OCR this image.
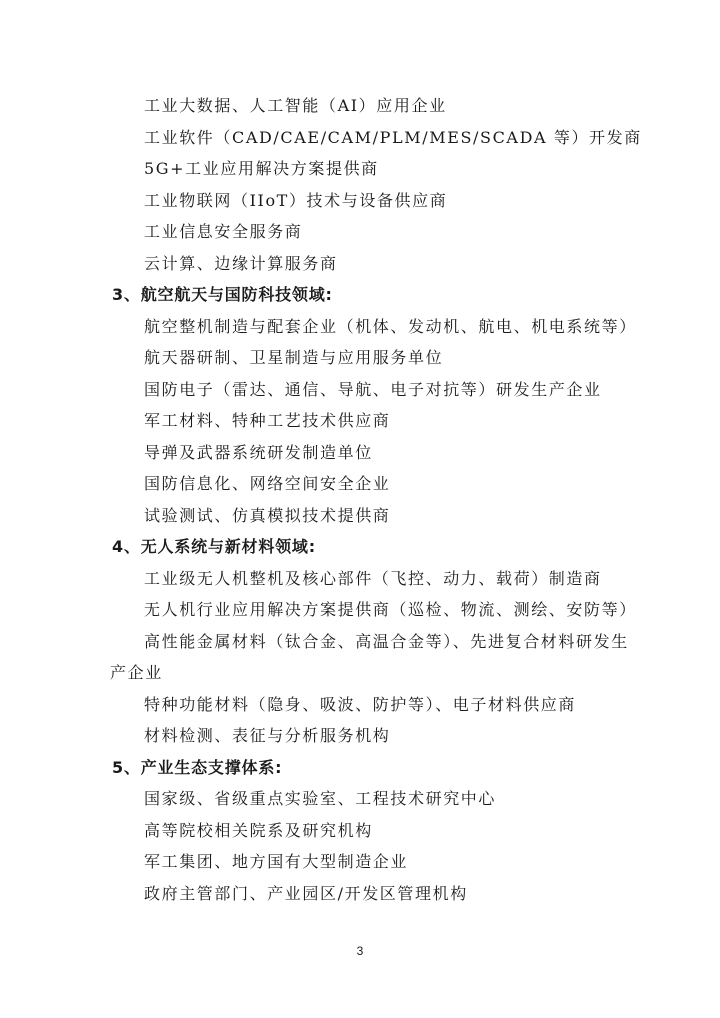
工业大数据、人工智能（AI）应用企业
工业软件（CAD/CAE/CAM/PLM/MES/SCADA 等）开发商
5G+工业应用解决方案提供商
工业物联网（IIoT）技术与设备供应商
工业信息安全服务商
云计算、边缘计算服务商
3、航空航天与国防科技领域:
航空整机制造与配套企业（机体、发动机、航电、机电系统等）
航天器研制、卫星制造与应用服务单位
国防电子（雷达、通信、导航、电子对抗等）研发生产企业
军工材料、特种工艺技术供应商
导弹及武器系统研发制造单位
国防信息化、网络空间安全企业
试验测试、仿真模拟技术提供商
4、无人系统与新材料领域:
工业级无人机整机及核心部件（飞控、动力、载荷）制造商
无人机行业应用解决方案提供商（巡检、物流、测绘、安防等）
高性能金属材料（钛合金、高温合金等）、先进复合材料研发生
产企业
特种功能材料（隐身、吸波、防护等）、电子材料供应商
材料检测、表征与分析服务机构
5、产业生态支撑体系:
国家级、省级重点实验室、工程技术研究中心
高等院校相关院系及研究机构
军工集团、地方国有大型制造企业
政府主管部门、产业园区/开发区管理机构
3
